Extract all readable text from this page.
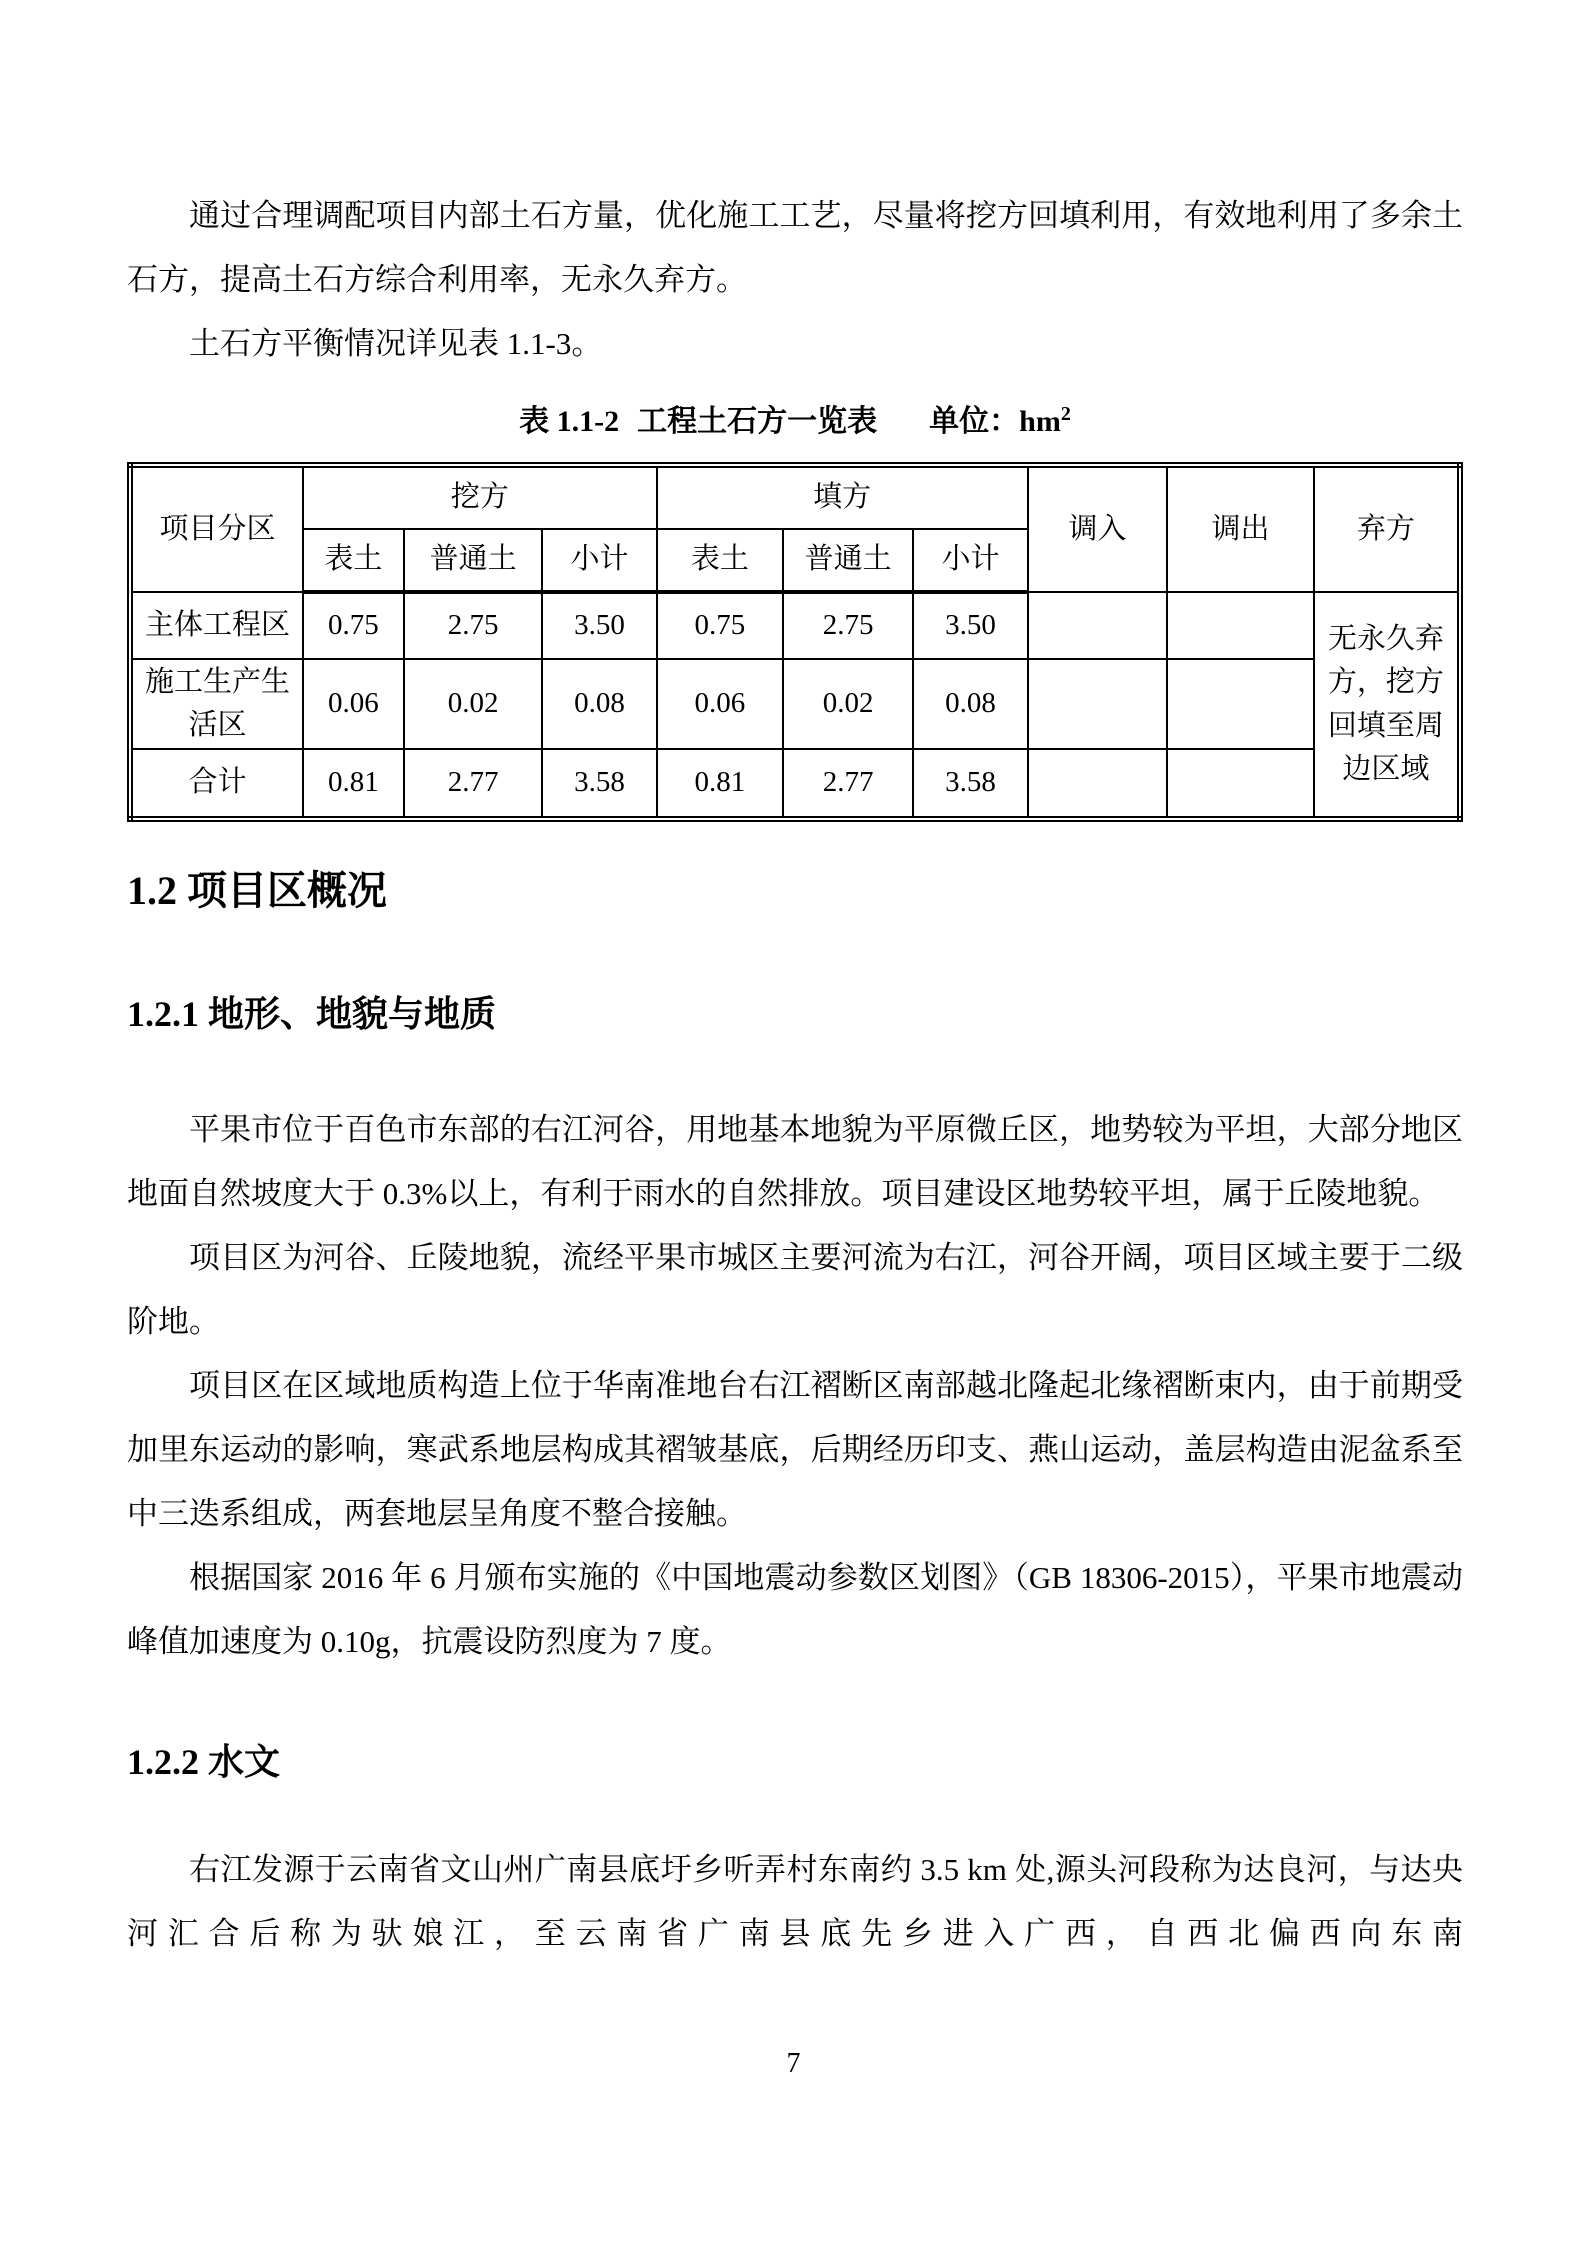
通过合理调配项目内部土石方量，优化施工工艺，尽量将挖方回填利用，有效地利用了多余土石方，提高土石方综合利用率，无永久弃方。

土石方平衡情况详见表 1.1-3。

表 1.1-2 工程土石方一览表 单位：$hm^2$
项目分区	挖方			填方			调入	调出	弃方
	表土	普通土	小计	表土	普通土	小计			
主体工程区	0.75	2.75	3.50	0.75	2.75	3.50			无永久弃方，挖方回填至周边区域
施工生产生活区	0.06	0.02	0.08	0.06	0.02	0.08			
合计	0.81	2.77	3.58	0.81	2.77	3.58			
1.2 项目区概况
1.2.1 地形、地貌与地质

平果市位于百色市东部的右江河谷，用地基本地貌为平原微丘区，地势较为平坦，大部分地区地面自然坡度大于 0.3%以上，有利于雨水的自然排放。项目建设区地势较平坦，属于丘陵地貌。

项目区为河谷、丘陵地貌，流经平果市城区主要河流为右江，河谷开阔，项目区域主要于二级阶地。

项目区在区域地质构造上位于华南准地台右江褶断区南部越北隆起北缘褶断束内，由于前期受加里东运动的影响，寒武系地层构成其褶皱基底，后期经历印支、燕山运动，盖层构造由泥盆系至中三迭系组成，两套地层呈角度不整合接触。

根据国家 2016 年 6 月颁布实施的《中国地震动参数区划图》（GB 18306-2015），平果市地震动峰值加速度为 0.10g，抗震设防烈度为 7 度。

1.2.2 水文

右江发源于云南省文山州广南县底圩乡听弄村东南约 3.5 km 处,源头河段称为达良河，与达央河汇合后称为驮娘江，至云南省广南县底先乡进入广西，自西北偏西向东南

7
